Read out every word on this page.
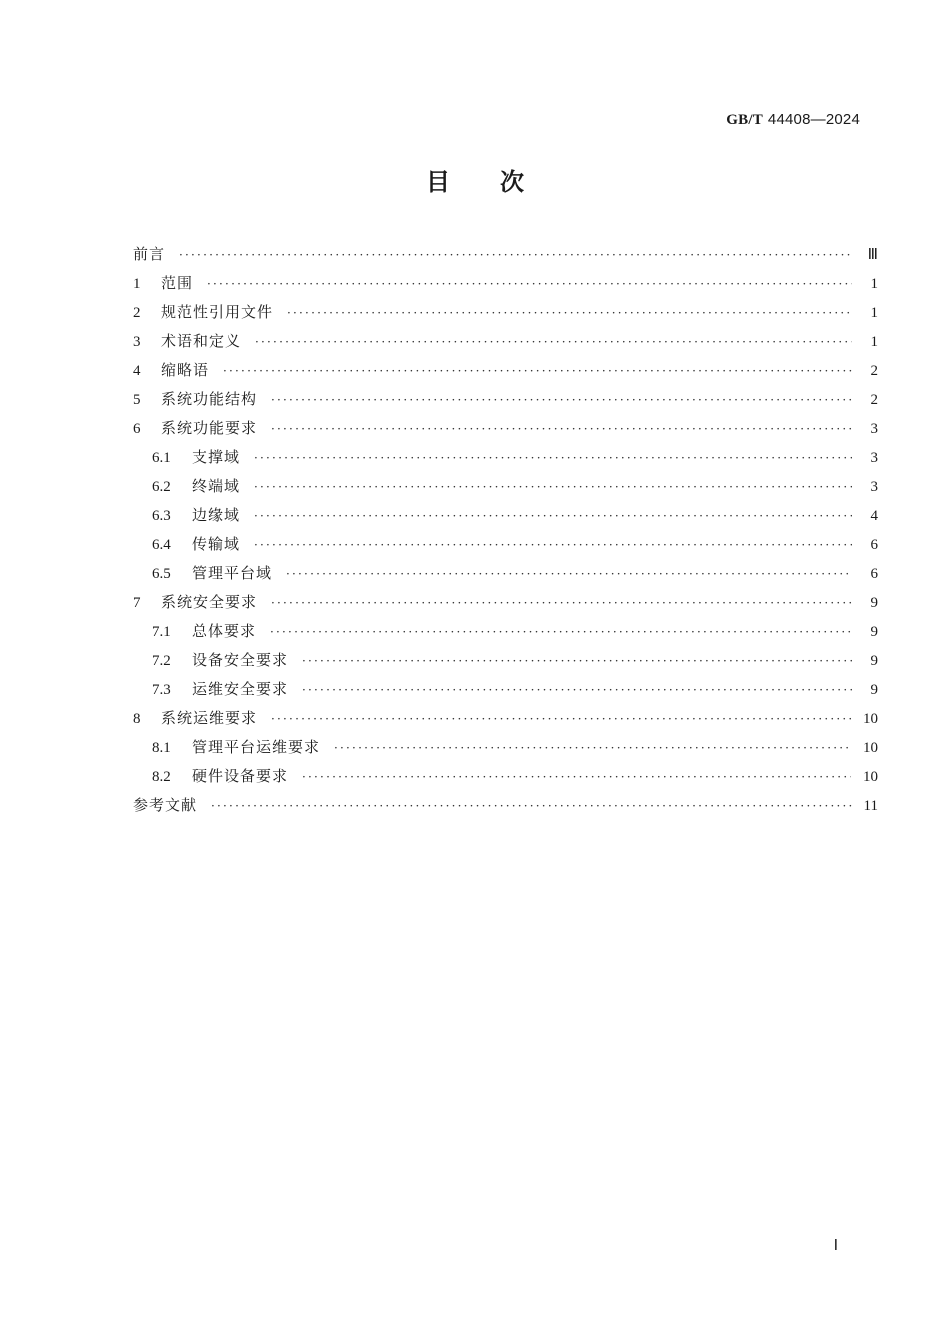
GB/T 44408—2024
目 次
前言 ·····	Ⅲ
1	范围 ·····	1
2	规范性引用文件 ·····	1
3	术语和定义 ·····	1
4	缩略语 ·····	2
5	系统功能结构 ·····	2
6	系统功能要求 ·····	3
6.1	支撑域 ·····	3
6.2	终端域 ·····	3
6.3	边缘域 ·····	4
6.4	传输域 ·····	6
6.5	管理平台域 ·····	6
7	系统安全要求 ·····	9
7.1	总体要求 ·····	9
7.2	设备安全要求 ·····	9
7.3	运维安全要求 ·····	9
8	系统运维要求 ·····	10
8.1	管理平台运维要求 ·····	10
8.2	硬件设备要求 ·····	10
参考文献 ·····	11
Ⅰ
